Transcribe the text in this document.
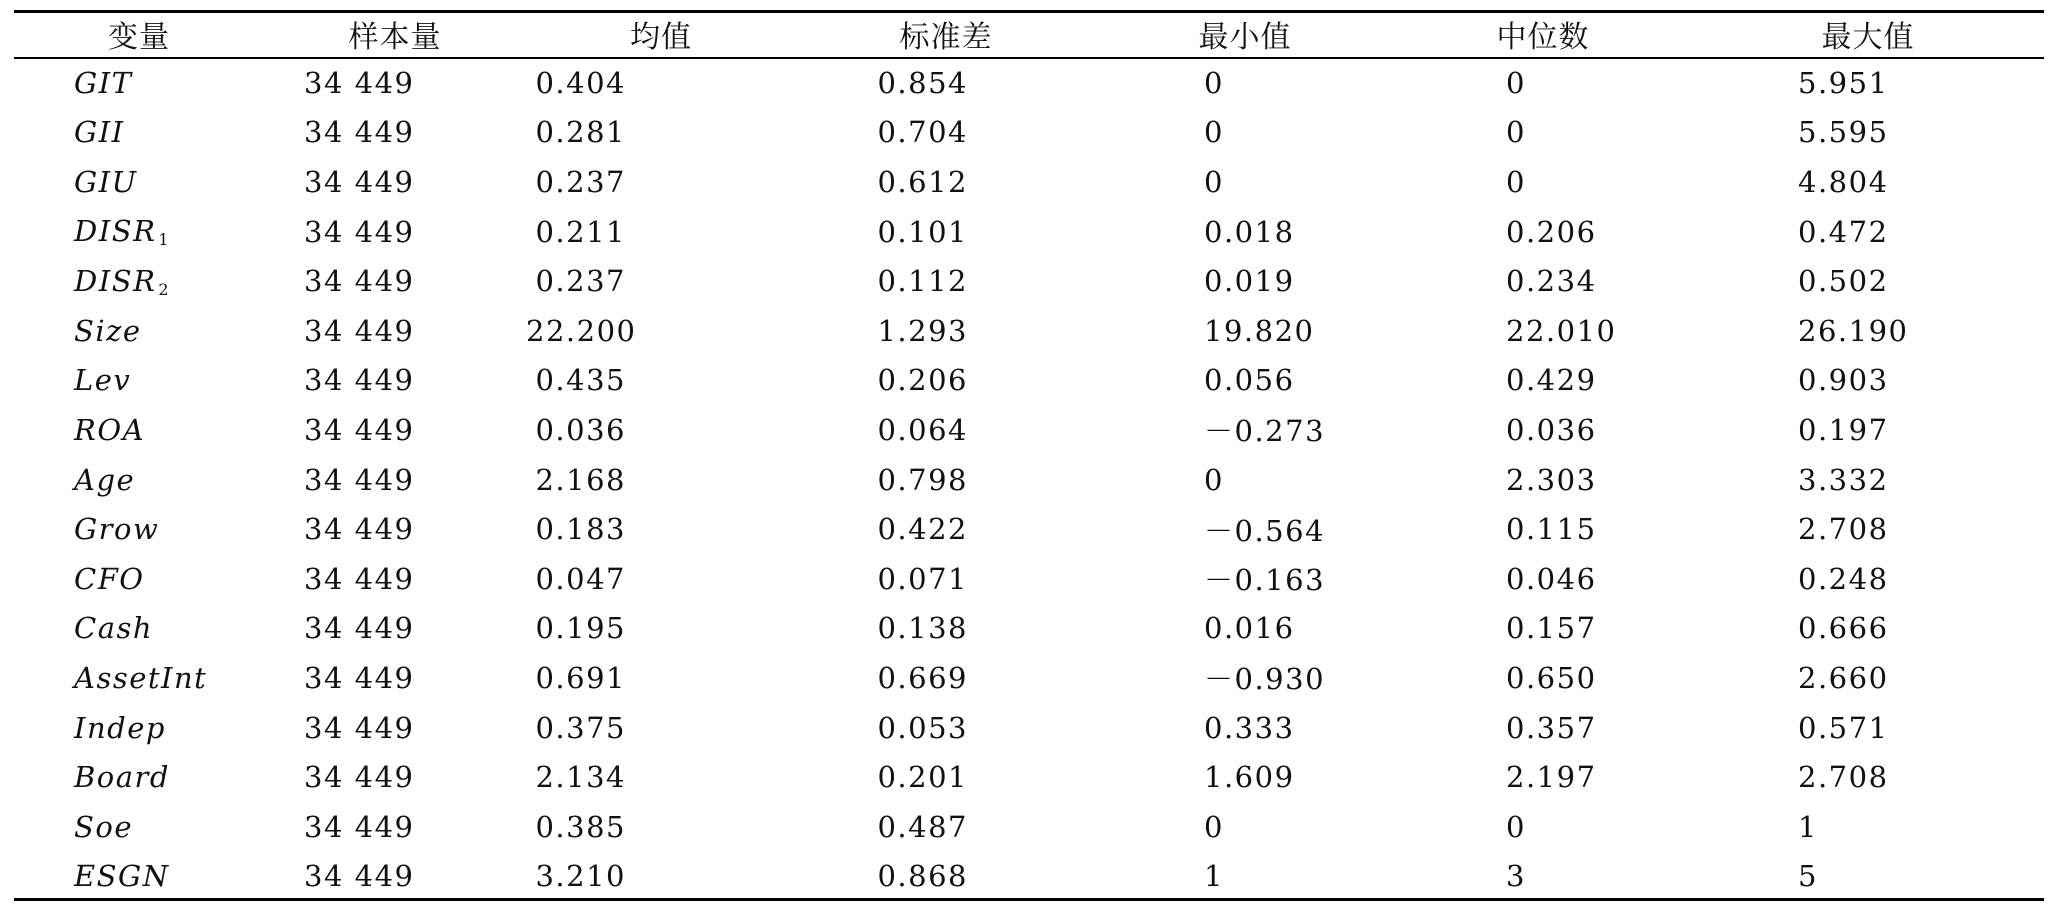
变量	样本量	均值	标准差	最小值	中位数	最大值
GIT	34 449	0.404	0.854	0	0	5.951
GII	34 449	0.281	0.704	0	0	5.595
GIU	34 449	0.237	0.612	0	0	4.804
DISR $_1$	34 449	0.211	0.101	0.018	0.206	0.472
DISR $_2$	34 449	0.237	0.112	0.019	0.234	0.502
Size	34 449	22.200	1.293	19.820	22.010	26.190
Lev	34 449	0.435	0.206	0.056	0.429	0.903
ROA	34 449	0.036	0.064	－0.273	0.036	0.197
Age	34 449	2.168	0.798	0	2.303	3.332
Grow	34 449	0.183	0.422	－0.564	0.115	2.708
CFO	34 449	0.047	0.071	－0.163	0.046	0.248
Cash	34 449	0.195	0.138	0.016	0.157	0.666
AssetInt	34 449	0.691	0.669	－0.930	0.650	2.660
Indep	34 449	0.375	0.053	0.333	0.357	0.571
Board	34 449	2.134	0.201	1.609	2.197	2.708
Soe	34 449	0.385	0.487	0	0	1
ESGN	34 449	3.210	0.868	1	3	5
